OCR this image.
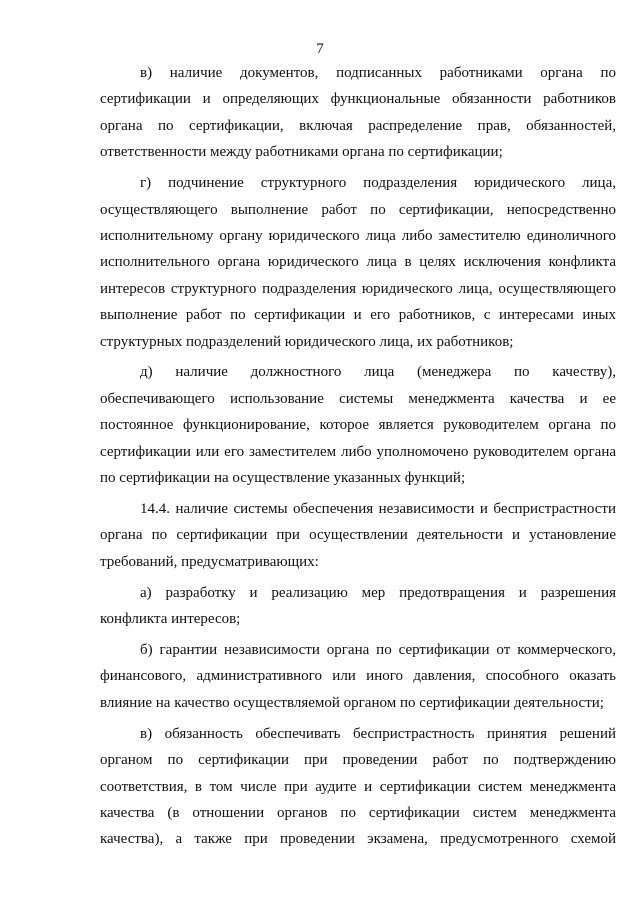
7

в) наличие документов, подписанных работниками органа по сертификации и определяющих функциональные обязанности работников органа по сертификации, включая распределение прав, обязанностей, ответственности между работниками органа по сертификации;

г) подчинение структурного подразделения юридического лица, осуществляющего выполнение работ по сертификации, непосредственно исполнительному органу юридического лица либо заместителю единоличного исполнительного органа юридического лица в целях исключения конфликта интересов структурного подразделения юридического лица, осуществляющего выполнение работ по сертификации и его работников, с интересами иных структурных подразделений юридического лица, их работников;

д) наличие должностного лица (менеджера по качеству), обеспечивающего использование системы менеджмента качества и ее постоянное функционирование, которое является руководителем органа по сертификации или его заместителем либо уполномочено руководителем органа по сертификации на осуществление указанных функций;

14.4. наличие системы обеспечения независимости и беспристрастности органа по сертификации при осуществлении деятельности и установление требований, предусматривающих:

а) разработку и реализацию мер предотвращения и разрешения конфликта интересов;

б) гарантии независимости органа по сертификации от коммерческого, финансового, административного или иного давления, способного оказать влияние на качество осуществляемой органом по сертификации деятельности;

в) обязанность обеспечивать беспристрастность принятия решений органом по сертификации при проведении работ по подтверждению соответствия, в том числе при аудите и сертификации систем менеджмента качества (в отношении органов по сертификации систем менеджмента качества), а также при проведении экзамена, предусмотренного схемой
